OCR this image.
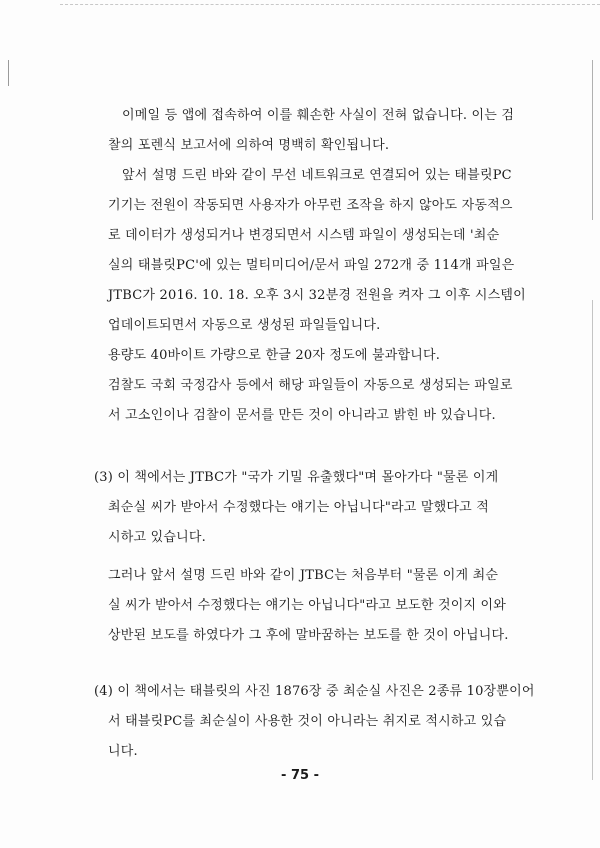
이메일 등 앱에 접속하여 이를 훼손한 사실이 전혀 없습니다. 이는 검
찰의 포렌식 보고서에 의하여 명백히 확인됩니다.
앞서 설명 드린 바와 같이 무선 네트워크로 연결되어 있는 태블릿PC
기기는 전원이 작동되면 사용자가 아무런 조작을 하지 않아도 자동적으
로 데이터가 생성되거나 변경되면서 시스템 파일이 생성되는데 '최순
실의 태블릿PC'에 있는 멀티미디어/문서 파일 272개 중 114개 파일은
JTBC가 2016. 10. 18. 오후 3시 32분경 전원을 켜자 그 이후 시스템이
업데이트되면서 자동으로 생성된 파일들입니다.
용량도 40바이트 가량으로 한글 20자 정도에 불과합니다.
검찰도 국회 국정감사 등에서 해당 파일들이 자동으로 생성되는 파일로
서 고소인이나 검찰이 문서를 만든 것이 아니라고 밝힌 바 있습니다.
(3) 이 책에서는 JTBC가 "국가 기밀 유출했다"며 몰아가다 "물론 이게
최순실 씨가 받아서 수정했다는 얘기는 아닙니다"라고 말했다고 적
시하고 있습니다.
그러나 앞서 설명 드린 바와 같이 JTBC는 처음부터 "물론 이게 최순
실 씨가 받아서 수정했다는 얘기는 아닙니다"라고 보도한 것이지 이와
상반된 보도를 하였다가 그 후에 말바꿈하는 보도를 한 것이 아닙니다.
(4) 이 책에서는 태블릿의 사진 1876장 중 최순실 사진은 2종류 10장뿐이어
서 태블릿PC를 최순실이 사용한 것이 아니라는 취지로 적시하고 있습
니다.
- 75 -
